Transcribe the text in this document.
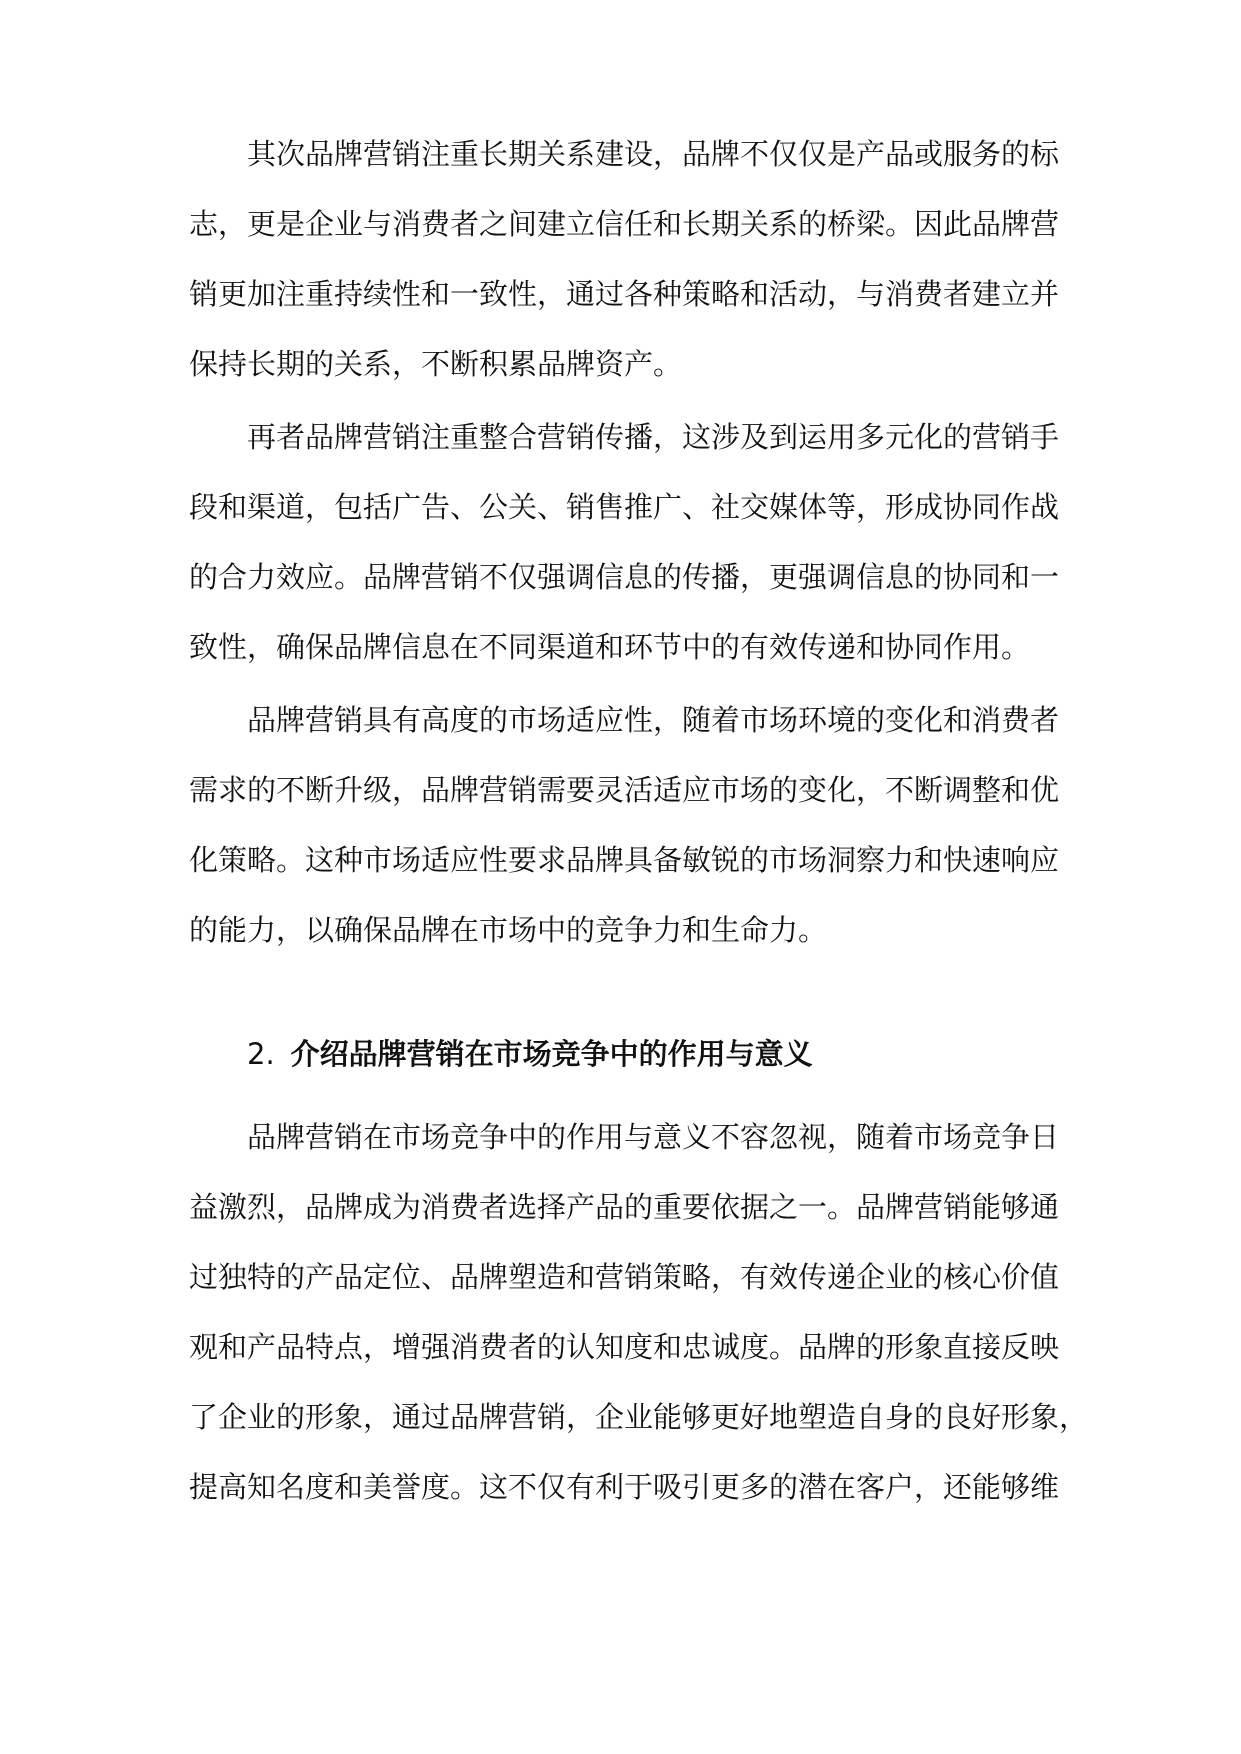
其次品牌营销注重长期关系建设，品牌不仅仅是产品或服务的标
志，更是企业与消费者之间建立信任和长期关系的桥梁。因此品牌营
销更加注重持续性和一致性，通过各种策略和活动，与消费者建立并
保持长期的关系，不断积累品牌资产。
再者品牌营销注重整合营销传播，这涉及到运用多元化的营销手
段和渠道，包括广告、公关、销售推广、社交媒体等，形成协同作战
的合力效应。品牌营销不仅强调信息的传播，更强调信息的协同和一
致性，确保品牌信息在不同渠道和环节中的有效传递和协同作用。
品牌营销具有高度的市场适应性，随着市场环境的变化和消费者
需求的不断升级，品牌营销需要灵活适应市场的变化，不断调整和优
化策略。这种市场适应性要求品牌具备敏锐的市场洞察力和快速响应
的能力，以确保品牌在市场中的竞争力和生命力。
2. 介绍品牌营销在市场竞争中的作用与意义
品牌营销在市场竞争中的作用与意义不容忽视，随着市场竞争日
益激烈，品牌成为消费者选择产品的重要依据之一。品牌营销能够通
过独特的产品定位、品牌塑造和营销策略，有效传递企业的核心价值
观和产品特点，增强消费者的认知度和忠诚度。品牌的形象直接反映
了企业的形象，通过品牌营销，企业能够更好地塑造自身的良好形象，
提高知名度和美誉度。这不仅有利于吸引更多的潜在客户，还能够维
